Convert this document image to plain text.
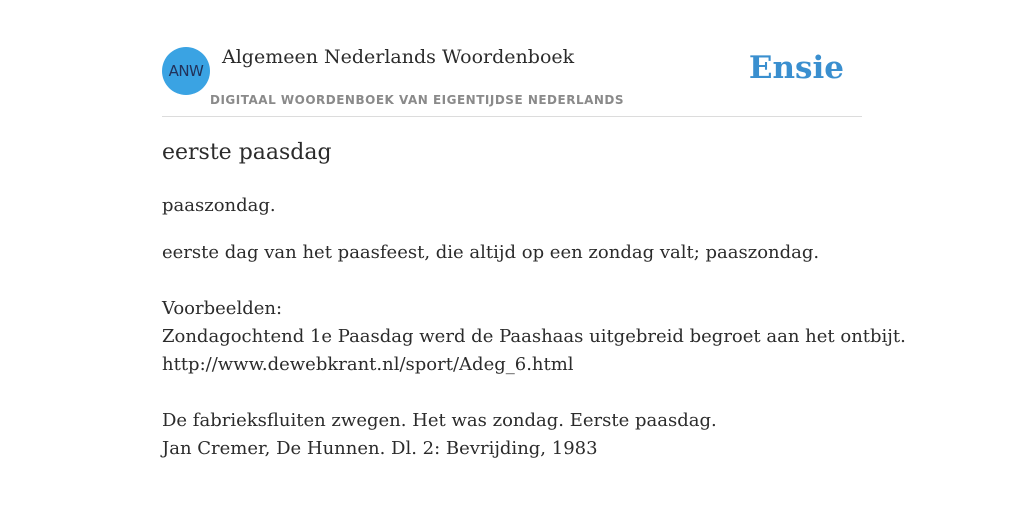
ANW
Algemeen Nederlands Woordenboek
DIGITAAL WOORDENBOEK VAN EIGENTIJDSE NEDERLANDS
Ensie
eerste paasdag
paaszondag.
eerste dag van het paasfeest, die altijd op een zondag valt; paaszondag.
Voorbeelden:
Zondagochtend 1e Paasdag werd de Paashaas uitgebreid begroet aan het ontbijt.
http://www.dewebkrant.nl/sport/Adeg_6.html
De fabrieksfluiten zwegen. Het was zondag. Eerste paasdag.
Jan Cremer, De Hunnen. Dl. 2: Bevrijding, 1983
